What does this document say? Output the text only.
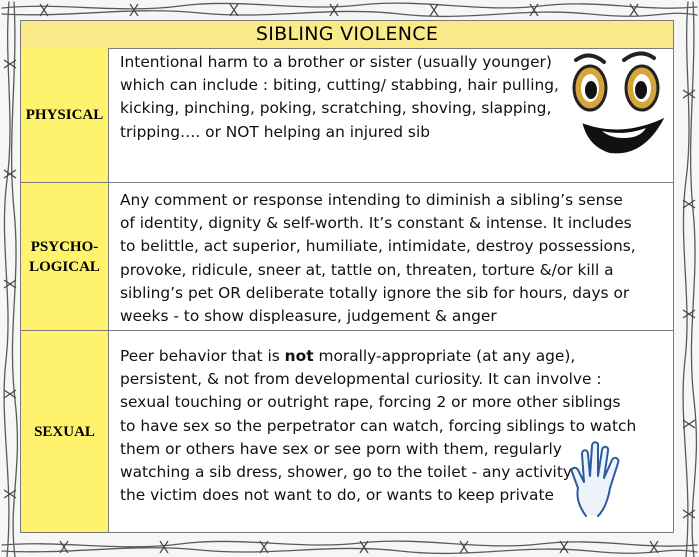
SIBLING VIOLENCE
PHYSICAL
Intentional harm to a brother or sister (usually younger)
which can include : biting, cutting/ stabbing, hair pulling,
kicking, pinching, poking, scratching, shoving, slapping,
tripping…. or NOT helping an injured sib
PSYCHO-
LOGICAL
Any comment or response intending to diminish a sibling’s sense
of identity, dignity & self-worth. It’s constant & intense. It includes
to belittle, act superior, humiliate, intimidate, destroy possessions,
provoke, ridicule, sneer at, tattle on, threaten, torture &/or kill a
sibling’s pet OR deliberate totally ignore the sib for hours, days or
weeks - to show displeasure, judgement & anger
SEXUAL
Peer behavior that is not morally-appropriate (at any age),
persistent, & not from developmental curiosity. It can involve :
sexual touching or outright rape, forcing 2 or more other siblings
to have sex so the perpetrator can watch, forcing siblings to watch
them or others have sex or see porn with them, regularly
watching a sib dress, shower, go to the toilet - any activity
the victim does not want to do, or wants to keep private
